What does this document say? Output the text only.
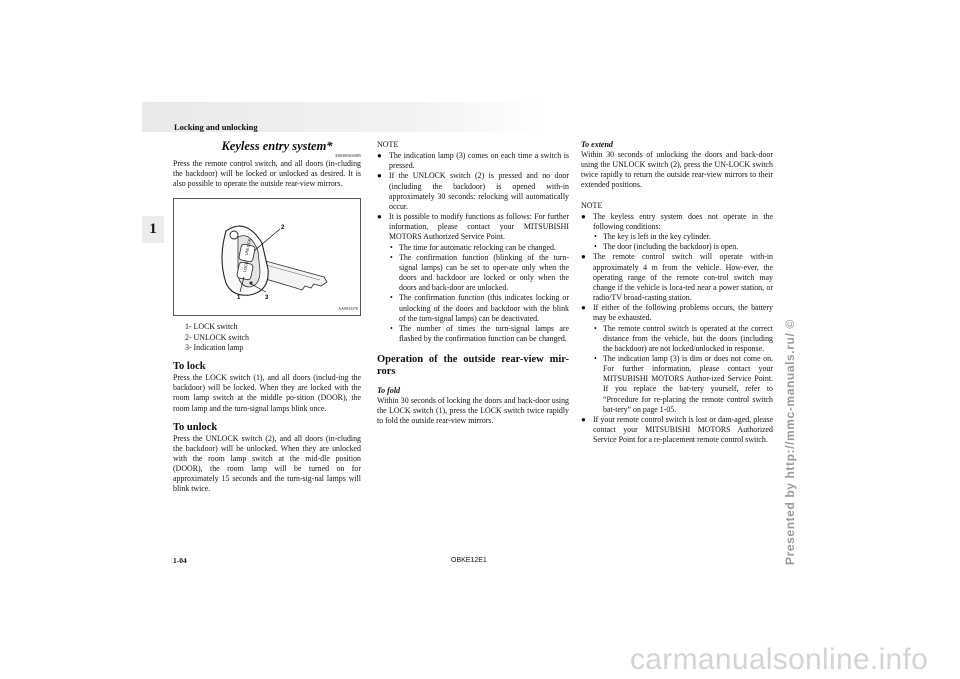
Locking and unlocking
1
Keyless entry system*

E00300302085

Press the remote control switch, and all doors (in-cluding the backdoor) will be locked or unlocked as desired. It is also possible to operate the outside rear-view mirrors.

UNLOCK
LOCK
2
1	3
AA0033376
1- LOCK switch
2- UNLOCK switch
3- Indication lamp
To lock

Press the LOCK switch (1), and all doors (includ-ing the backdoor) will be locked. When they are locked with the room lamp switch at the middle po-sition (DOOR), the room lamp and the turn-signal lamps blink once.

To unlock

Press the UNLOCK switch (2), and all doors (in-cluding the backdoor) will be unlocked. When they are unlocked with the room lamp switch at the mid-dle position (DOOR), the room lamp will be turned on for approximately 15 seconds and the turn-sig-nal lamps will blink twice.

NOTE
● The indication lamp (3) comes on each time a switch is pressed.
● If the UNLOCK switch (2) is pressed and no door (including the backdoor) is opened with-in approximately 30 seconds: relocking will automatically occur.
● It is possible to modify functions as follows: For further information, please contact your MITSUBISHI MOTORS Authorized Service Point.
• The time for automatic relocking can be changed.
• The confirmation function (blinking of the turn-signal lamps) can be set to oper-ate only when the doors and backdoor are locked or only when the doors and back-door are unlocked.
• The confirmation function (this indicates locking or unlocking of the doors and backdoor with the blink of the turn-signal lamps) can be deactivated.
• The number of times the turn-signal lamps are flashed by the confirmation function can be changed.
Operation of the outside rear-view mir-rors
To fold

Within 30 seconds of locking the doors and back-door using the LOCK switch (1), press the LOCK switch twice rapidly to fold the outside rear-view mirrors.

To extend

Within 30 seconds of unlocking the doors and back-door using the UNLOCK switch (2), press the UN-LOCK switch twice rapidly to return the outside rear-view mirrors to their extended positions.

NOTE
● The keyless entry system does not operate in the following conditions:
• The key is left in the key cylinder.
• The door (including the backdoor) is open.
● The remote control switch will operate with-in approximately 4 m from the vehicle. How-ever, the operating range of the remote con-trol switch may change if the vehicle is loca-ted near a power station, or radio/TV broad-casting station.
● If either of the following problems occurs, the battery may be exhausted.
• The remote control switch is operated at the correct distance from the vehicle, but the doors (including the backdoor) are not locked/unlocked in response.
• The indication lamp (3) is dim or does not come on. For further information, please contact your MITSUBISHI MOTORS Author-ized Service Point. If you replace the bat-tery yourself, refer to “Procedure for re-placing the remote control switch bat-tery” on page 1-05.
● If your remote control switch is lost or dam-aged, please contact your MITSUBISHI MOTORS Authorized Service Point for a re-placement remote control switch.
1-04	OBKE12E1	Presented by http://mmc-manuals.ru/ ©
carmanualsonline.info
